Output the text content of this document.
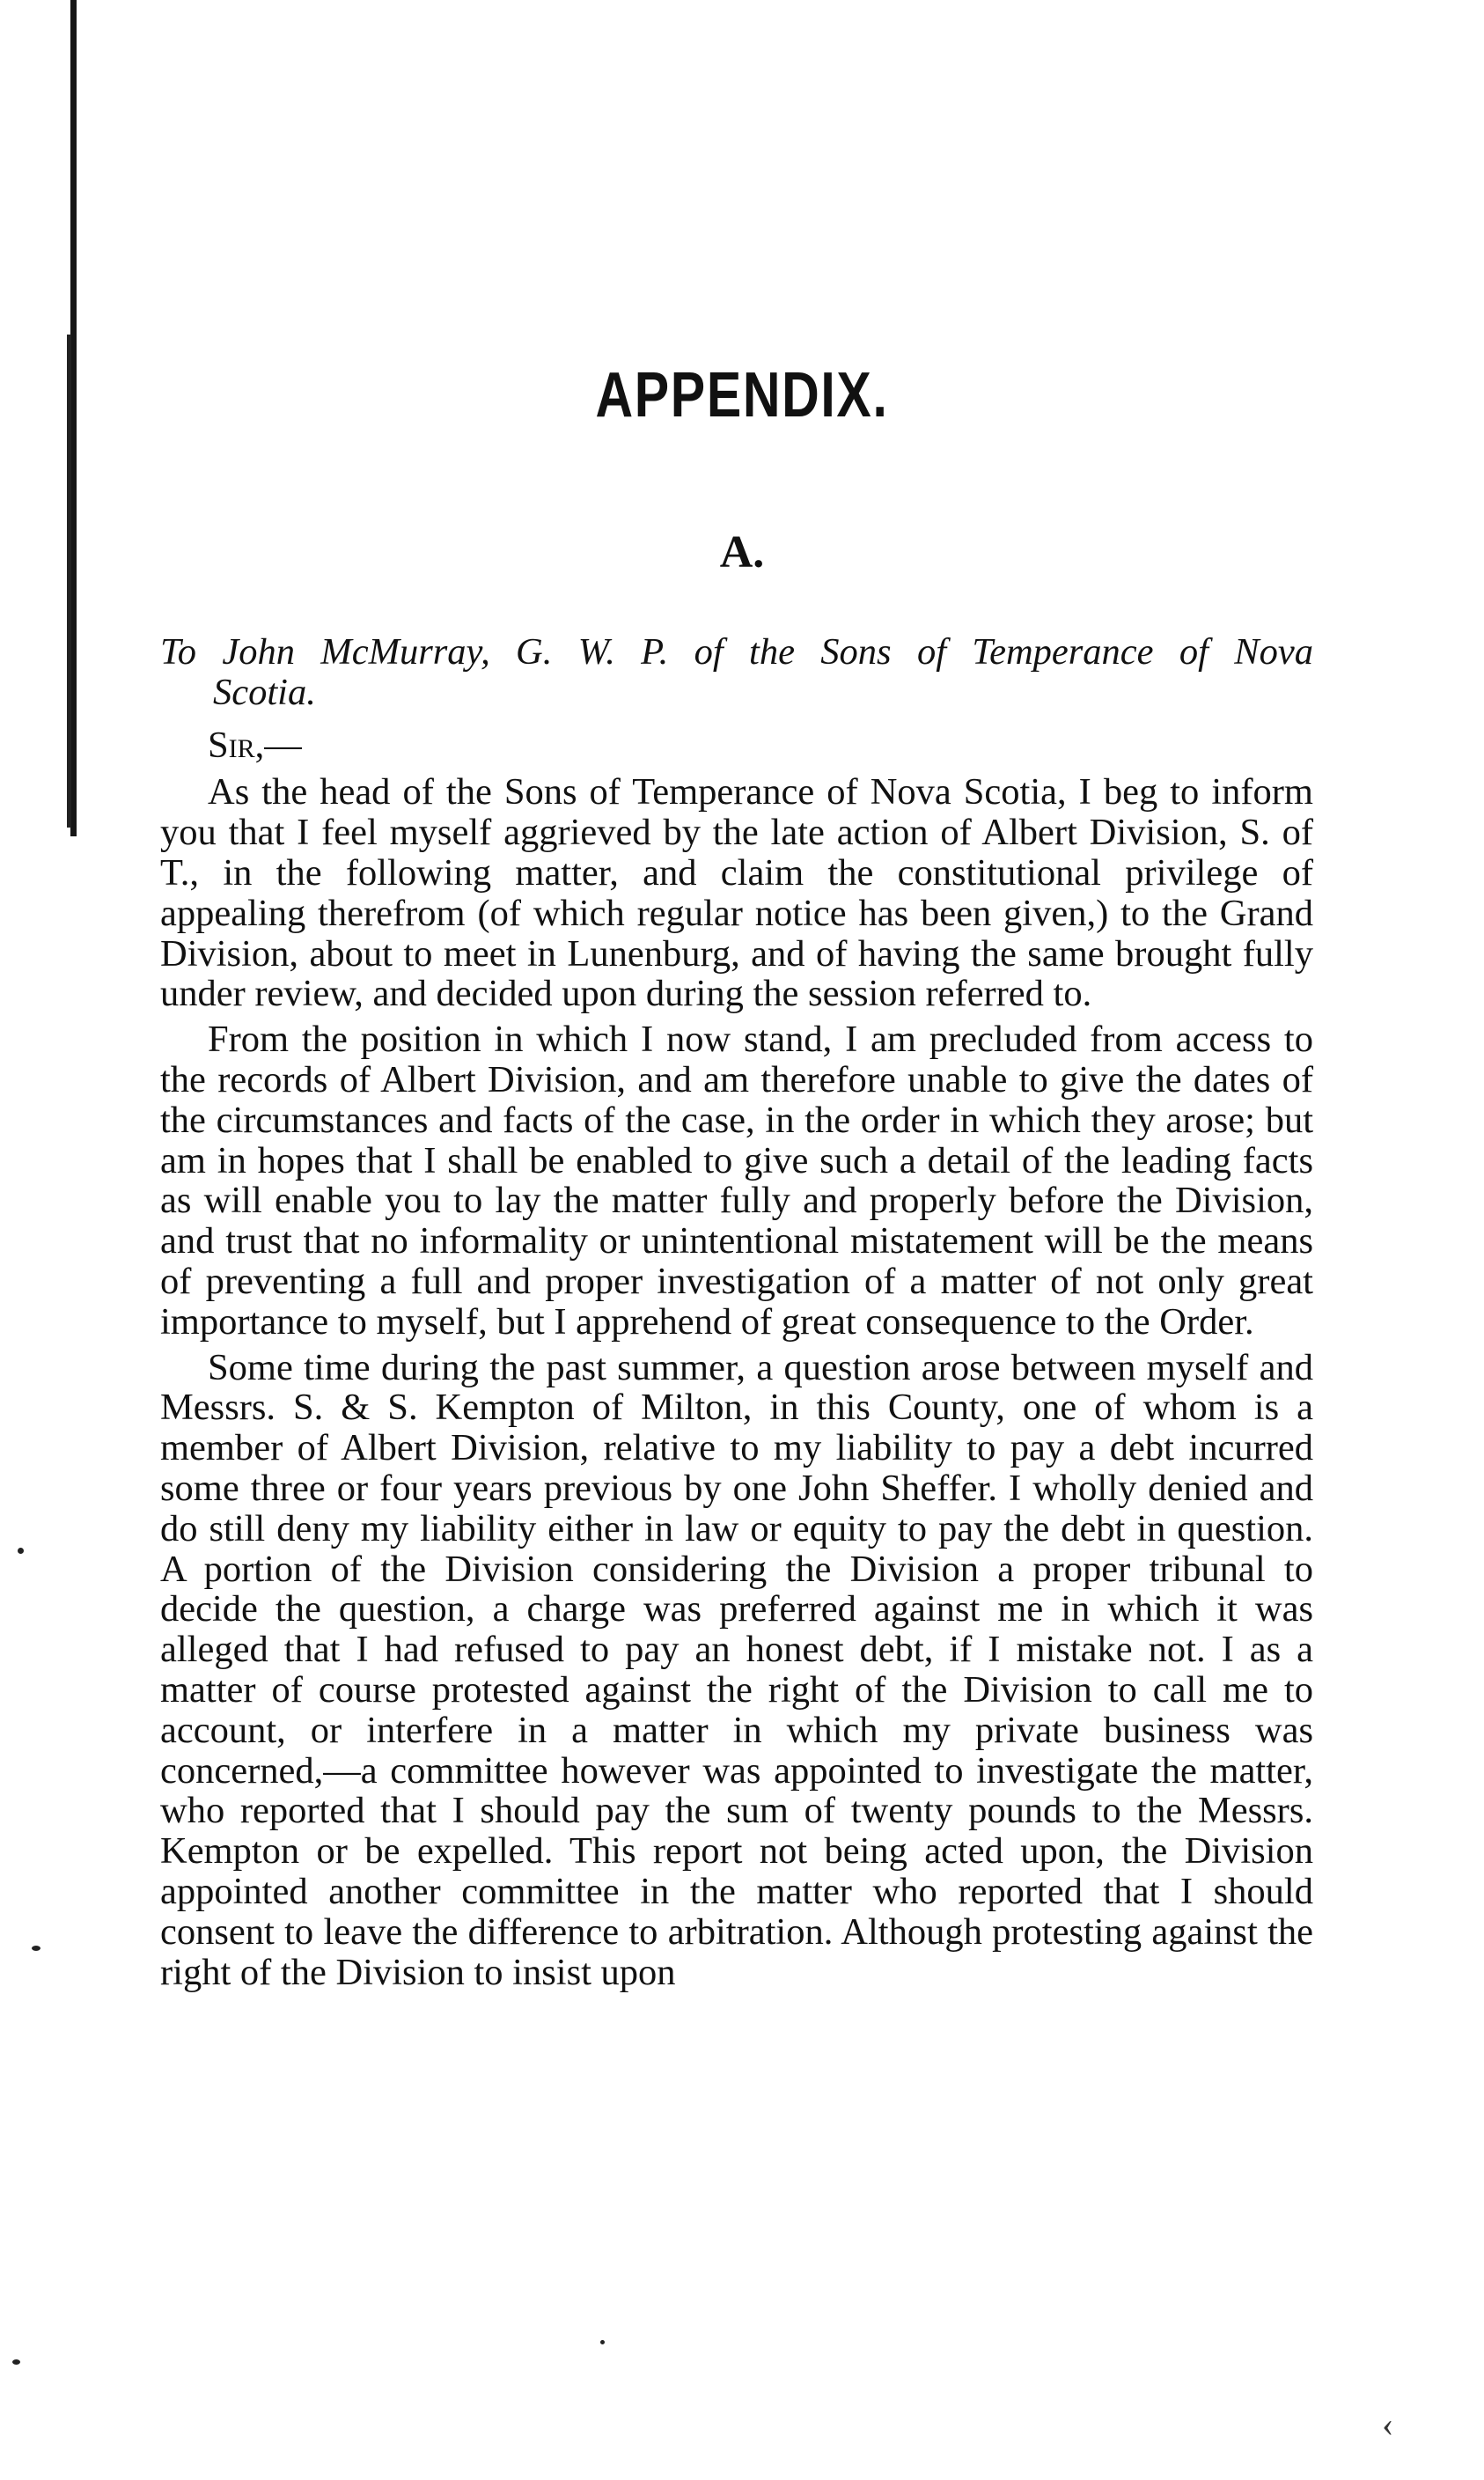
APPENDIX.
A.

To John McMurray, G. W. P. of the Sons of Temperance of Nova

Scotia.

Sir,—

As the head of the Sons of Temperance of Nova Scotia, I beg to inform you that I feel myself aggrieved by the late action of Albert Division, S. of T., in the following matter, and claim the constitutional privilege of appealing therefrom (of which regular notice has been given,) to the Grand Division, about to meet in Lunenburg, and of having the same brought fully under review, and decided upon during the session referred to.

From the position in which I now stand, I am precluded from access to the records of Albert Division, and am therefore unable to give the dates of the circumstances and facts of the case, in the order in which they arose; but am in hopes that I shall be enabled to give such a detail of the leading facts as will enable you to lay the matter fully and properly before the Division, and trust that no informality or unintentional mistatement will be the means of preventing a full and proper investigation of a matter of not only great importance to myself, but I apprehend of great consequence to the Order.

Some time during the past summer, a question arose between myself and Messrs. S. & S. Kempton of Milton, in this County, one of whom is a member of Albert Division, relative to my liability to pay a debt incurred some three or four years previous by one John Sheffer. I wholly denied and do still deny my liability either in law or equity to pay the debt in question. A portion of the Division considering the Division a proper tribunal to decide the question, a charge was preferred against me in which it was alleged that I had refused to pay an honest debt, if I mistake not. I as a matter of course protested against the right of the Division to call me to account, or interfere in a matter in which my private business was concerned,—a committee however was appointed to investigate the matter, who reported that I should pay the sum of twenty pounds to the Messrs. Kempton or be expelled. This report not being acted upon, the Division appointed another committee in the matter who reported that I should consent to leave the difference to arbitration. Although protesting against the right of the Division to insist upon

‹
